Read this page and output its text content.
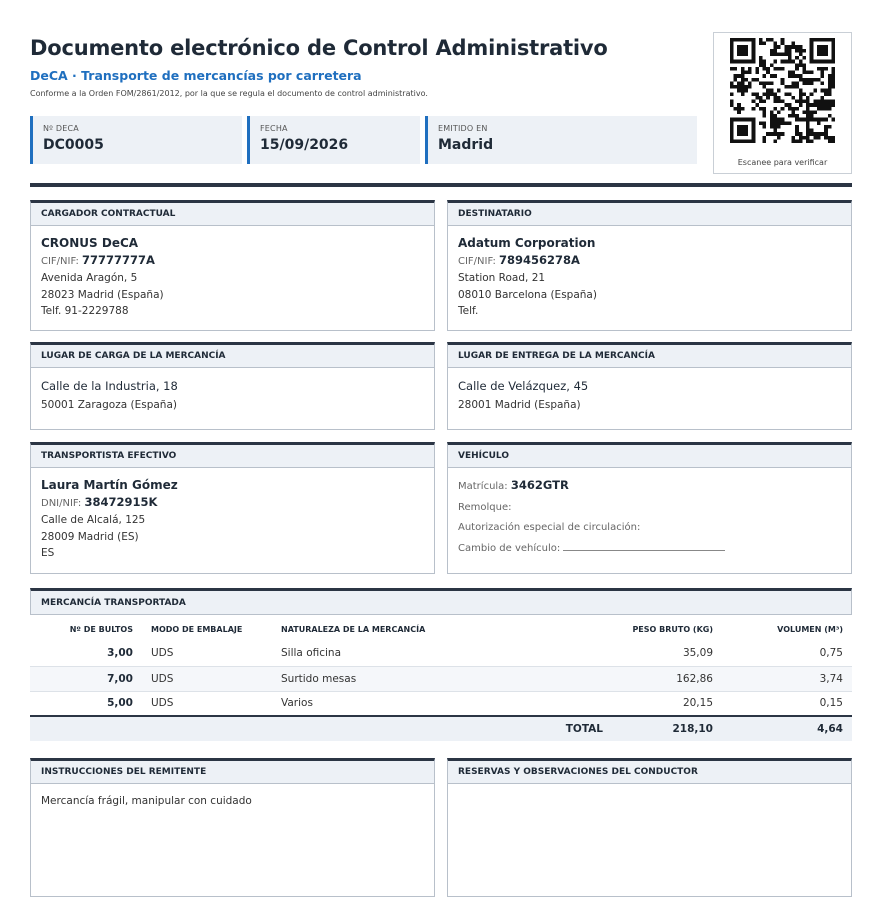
Documento electrónico de Control Administrativo
DeCA · Transporte de mercancías por carretera
Conforme a la Orden FOM/2861/2012, por la que se regula el documento de control administrativo.
Nº DECA
DC0005
FECHA
15/09/2026
EMITIDO EN
Madrid
Escanee para verificar
CARGADOR CONTRACTUAL
CRONUS DeCA
CIF/NIF: 77777777A
Avenida Aragón, 5
28023 Madrid (España)
Telf. 91-2229788
DESTINATARIO
Adatum Corporation
CIF/NIF: 789456278A
Station Road, 21
08010 Barcelona (España)
Telf.
LUGAR DE CARGA DE LA MERCANCÍA
Calle de la Industria, 18
50001 Zaragoza (España)
LUGAR DE ENTREGA DE LA MERCANCÍA
Calle de Velázquez, 45
28001 Madrid (España)
TRANSPORTISTA EFECTIVO
Laura Martín Gómez
DNI/NIF: 38472915K
Calle de Alcalá, 125
28009 Madrid (ES)
ES
VEHÍCULO
Matrícula: 3462GTR
Remolque:
Autorización especial de circulación:
Cambio de vehículo:
MERCANCÍA TRANSPORTADA
Nº DE BULTOS	MODO DE EMBALAJE	NATURALEZA DE LA MERCANCÍA	PESO BRUTO (KG)	VOLUMEN (M³)
3,00	UDS	Silla oficina	35,09	0,75
7,00	UDS	Surtido mesas	162,86	3,74
5,00	UDS	Varios	20,15	0,15
		TOTAL	218,10	4,64
INSTRUCCIONES DEL REMITENTE
Mercancía frágil, manipular con cuidado
RESERVAS Y OBSERVACIONES DEL CONDUCTOR
